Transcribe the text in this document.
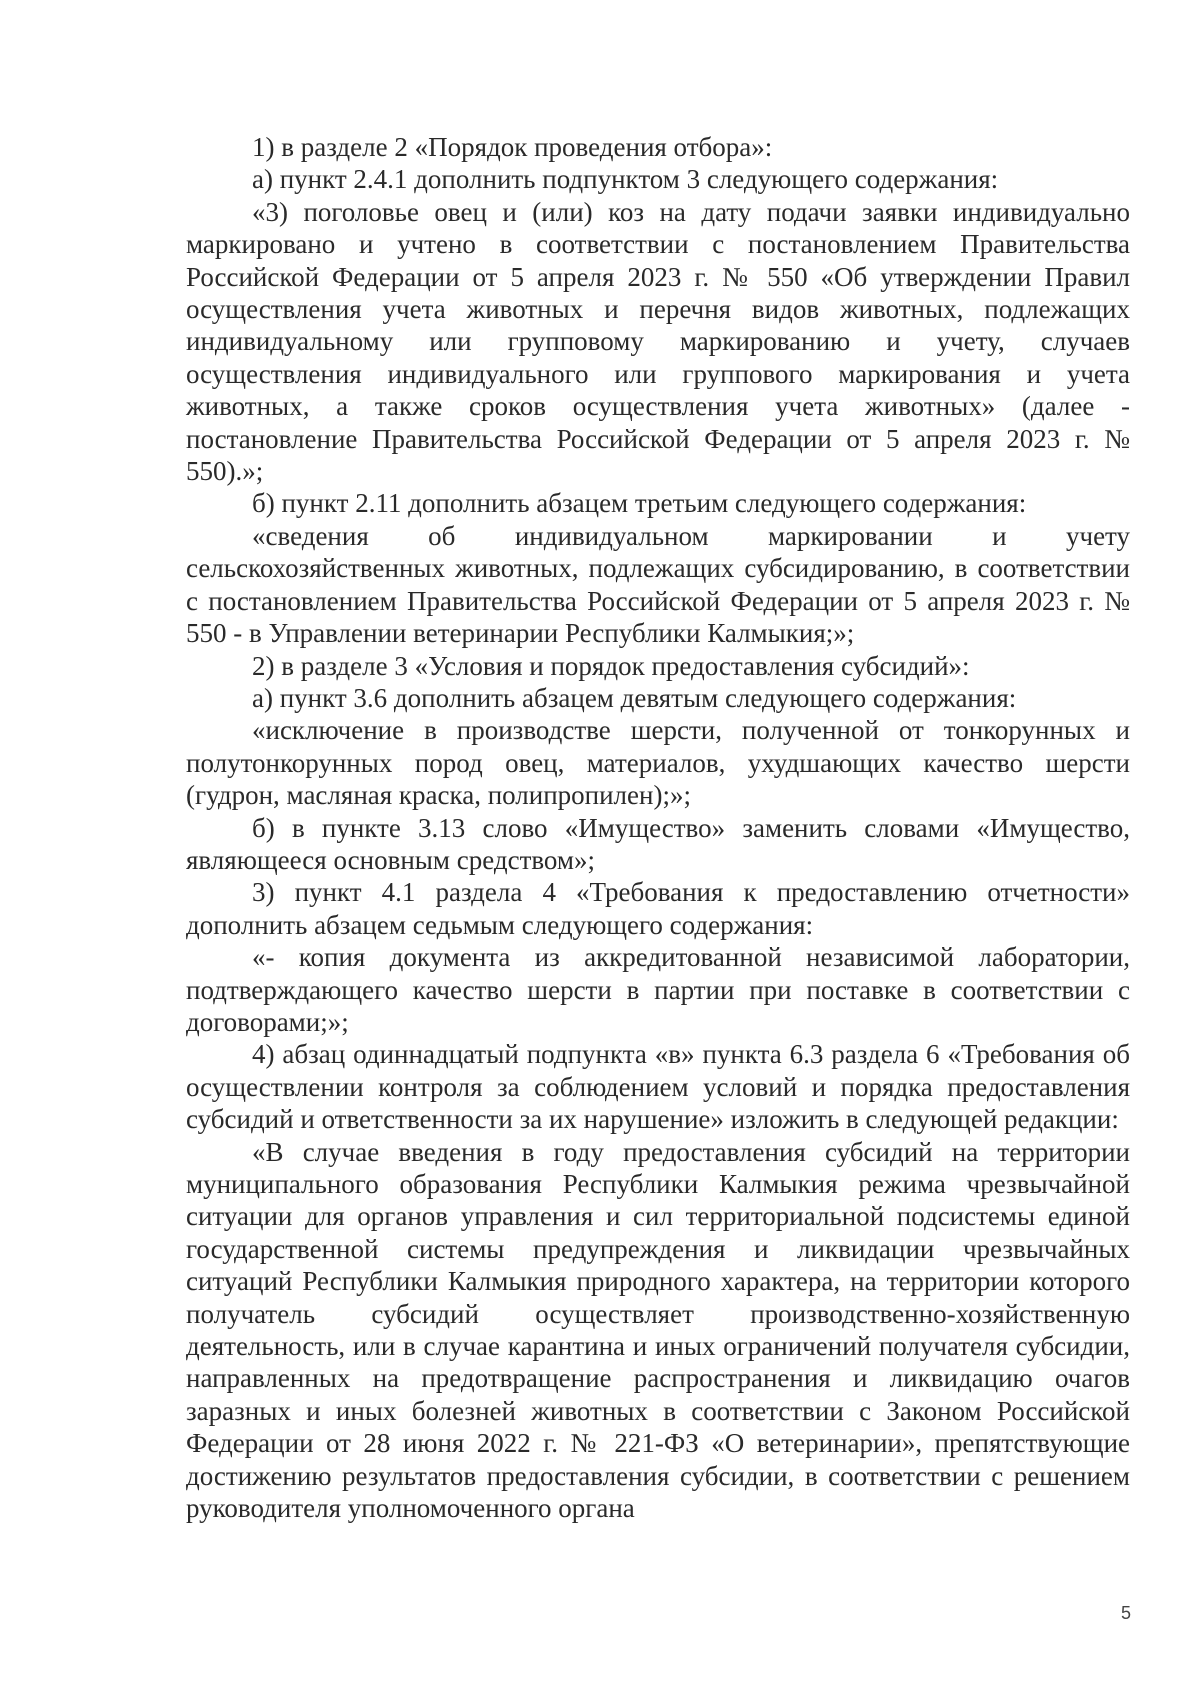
1) в разделе 2 «Порядок проведения отбора»:

а) пункт 2.4.1 дополнить подпунктом 3 следующего содержания:

«3) поголовье овец и (или) коз на дату подачи заявки индивидуально маркировано и учтено в соответствии с постановлением Правительства Российской Федерации от 5 апреля 2023 г. № 550 «Об утверждении Правил осуществления учета животных и перечня видов животных, подлежащих индивидуальному или групповому маркированию и учету, случаев осуществления индивидуального или группового маркирования и учета животных, а также сроков осуществления учета животных» (далее - постановление Правительства Российской Федерации от 5 апреля 2023 г. № 550).»;

б) пункт 2.11 дополнить абзацем третьим следующего содержания:

«сведения об индивидуальном маркировании и учету сельскохозяйственных животных, подлежащих субсидированию, в соответствии с постановлением Правительства Российской Федерации от 5 апреля 2023 г. № 550 - в Управлении ветеринарии Республики Калмыкия;»;

2) в разделе 3 «Условия и порядок предоставления субсидий»:

а) пункт 3.6 дополнить абзацем девятым следующего содержания:

«исключение в производстве шерсти, полученной от тонкорунных и полутонкорунных пород овец, материалов, ухудшающих качество шерсти (гудрон, масляная краска, полипропилен);»;

б) в пункте 3.13 слово «Имущество» заменить словами «Имущество, являющееся основным средством»;

3) пункт 4.1 раздела 4 «Требования к предоставлению отчетности» дополнить абзацем седьмым следующего содержания:

«- копия документа из аккредитованной независимой лаборатории, подтверждающего качество шерсти в партии при поставке в соответствии с договорами;»;

4) абзац одиннадцатый подпункта «в» пункта 6.3 раздела 6 «Требования об осуществлении контроля за соблюдением условий и порядка предоставления субсидий и ответственности за их нарушение» изложить в следующей редакции:

«В случае введения в году предоставления субсидий на территории муниципального образования Республики Калмыкия режима чрезвычайной ситуации для органов управления и сил территориальной подсистемы единой государственной системы предупреждения и ликвидации чрезвычайных ситуаций Республики Калмыкия природного характера, на территории которого получатель субсидий осуществляет производственно-хозяйственную деятельность, или в случае карантина и иных ограничений получателя субсидии, направленных на предотвращение распространения и ликвидацию очагов заразных и иных болезней животных в соответствии с Законом Российской Федерации от 28 июня 2022 г. № 221-ФЗ «О ветеринарии», препятствующие достижению результатов предоставления субсидии, в соответствии с решением руководителя уполномоченного органа

5
